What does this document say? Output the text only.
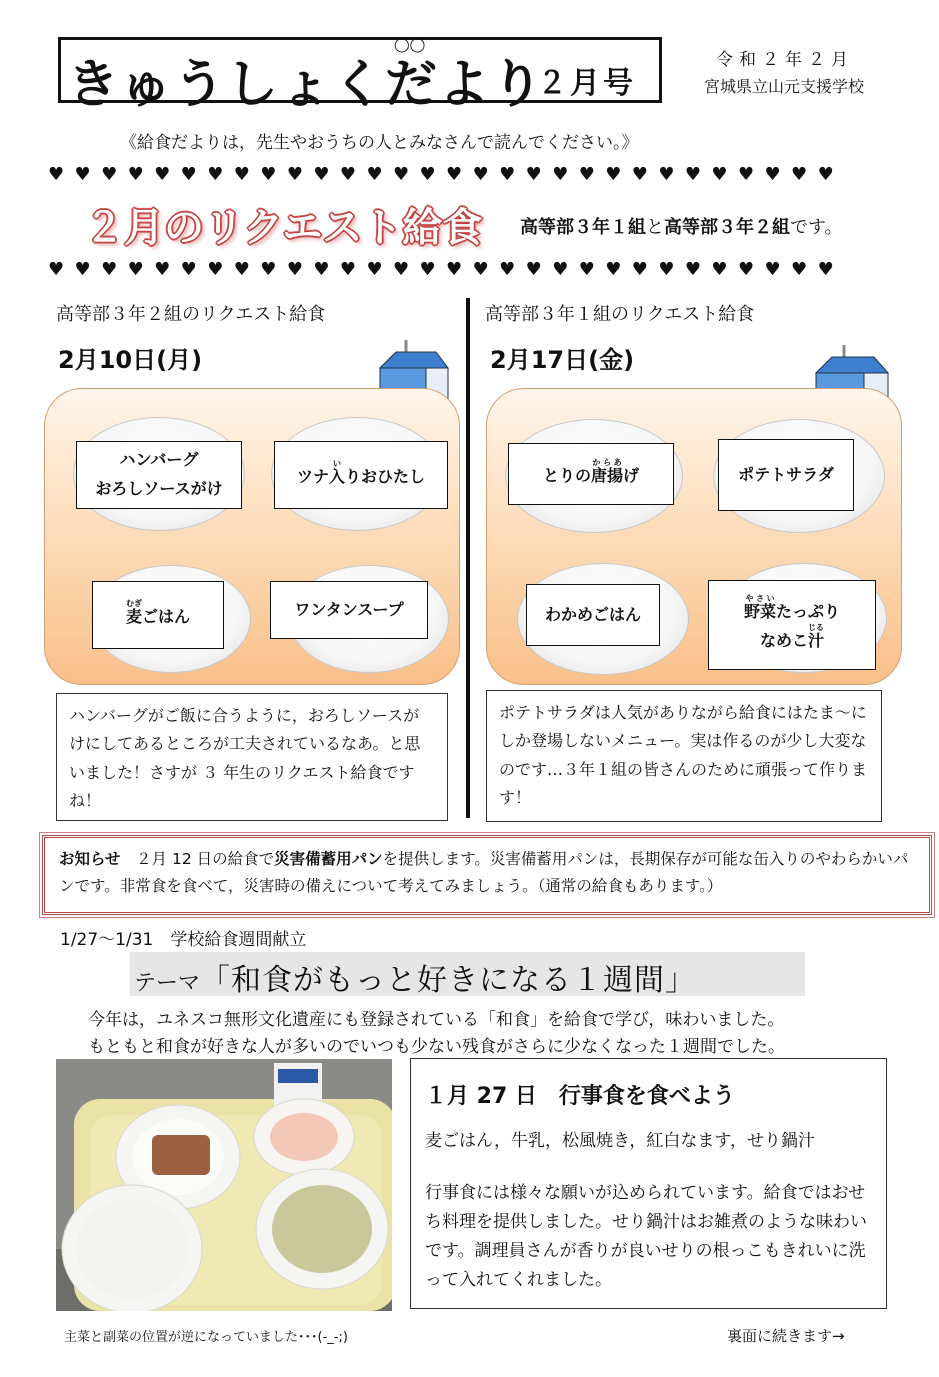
きゅうしょくだより
◯◯
２月号
令和２年２月
宮城県立山元支援学校
《給食だよりは，先生やおうちの人とみなさんで読んでください。》
♥♥♥♥♥♥♥♥♥♥♥♥♥♥♥♥♥♥♥♥♥♥♥♥♥♥♥♥♥♥
２月のリクエスト給食 高等部３年１組と高等部３年２組です。
♥♥♥♥♥♥♥♥♥♥♥♥♥♥♥♥♥♥♥♥♥♥♥♥♥♥♥♥♥♥
高等部３年２組のリクエスト給食
2月10日(月)
ハンバーグ
おろしソースがけ
ツナ入いりおひたし
麦むぎごはん	ワンタンスープ
ハンバーグがご飯に合うように，おろしソースがけにしてあるところが工夫されているなあ。と思いました！さすが ３ 年生のリクエスト給食ですね！
高等部３年１組のリクエスト給食
2月17日(金)
とりの唐揚からあげ	ポテトサラダ
わかめごはん	野菜やさいたっぷり
なめこ汁じる
ポテトサラダは人気がありながら給食にはたま～にしか登場しないメニュー。実は作るのが少し大変なのです…３年１組の皆さんのために頑張って作ります！
お知らせ　２月 12 日の給食で災害備蓄用パンを提供します。災害備蓄用パンは，長期保存が可能な缶入りのやわらかいパンです。非常食を食べて，災害時の備えについて考えてみましょう。（通常の給食もあります。）
1/27～1/31　学校給食週間献立
テーマ「和食がもっと好きになる１週間」
今年は，ユネスコ無形文化遺産にも登録されている「和食」を給食で学び，味わいました。
もともと和食が好きな人が多いのでいつも少ない残食がさらに少なくなった１週間でした。
１月 27 日　行事食を食べよう
麦ごはん，牛乳，松風焼き，紅白なます，せり鍋汁
行事食には様々な願いが込められています。給食ではおせち料理を提供しました。せり鍋汁はお雑煮のような味わいです。調理員さんが香りが良いせりの根っこもきれいに洗って入れてくれました。
主菜と副菜の位置が逆になっていました･･･(-_-;)	裏面に続きます→
